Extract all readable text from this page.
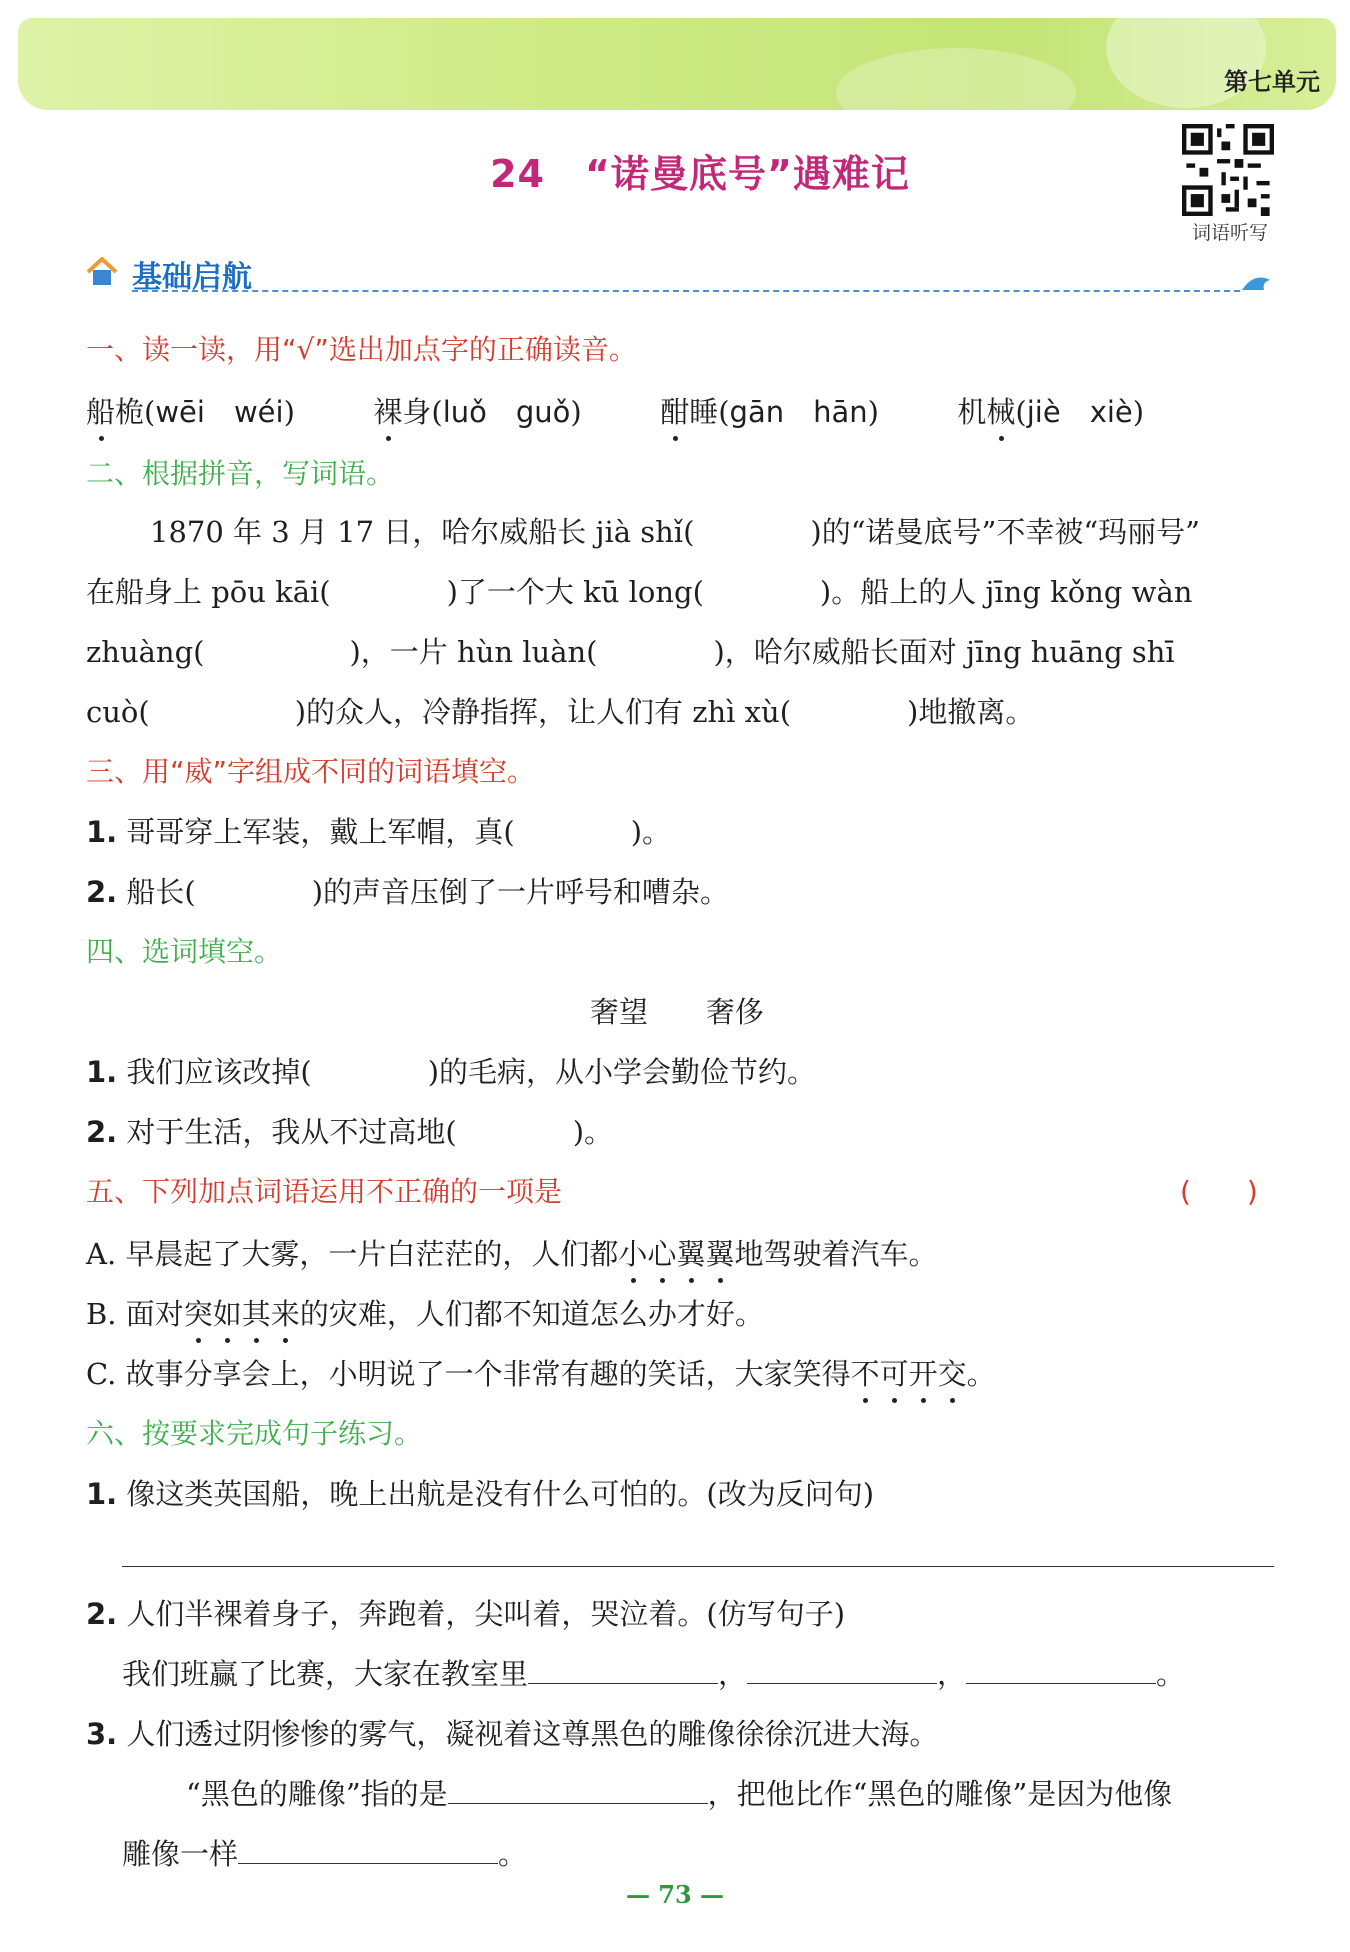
第七单元
24 “诺曼底号”遇难记
词语听写
基础启航
一、读一读，用“√”选出加点字的正确读音。
船桅(wēi　wéi)	裸身(luǒ　guǒ)	酣睡(gān　hān)	机械(jiè　xiè)
二、根据拼音，写词语。
1870 年 3 月 17 日，哈尔威船长 jià shǐ(　　　　)的“诺曼底号”不幸被“玛丽号”
在船身上 pōu kāi(　　　　)了一个大 kū long(　　　　)。船上的人 jīng kǒng wàn
zhuàng(　　　　　)，一片 hùn luàn(　　　　)，哈尔威船长面对 jīng huāng shī
cuò(　　　　　)的众人，冷静指挥，让人们有 zhì xù(　　　　)地撤离。
三、用“威”字组成不同的词语填空。
1. 哥哥穿上军装，戴上军帽，真(　　　　)。
2. 船长(　　　　)的声音压倒了一片呼号和嘈杂。
四、选词填空。
奢望　　奢侈
1. 我们应该改掉(　　　　)的毛病，从小学会勤俭节约。
2. 对于生活，我从不过高地(　　　　)。
五、下列加点词语运用不正确的一项是	(　　)
A. 早晨起了大雾，一片白茫茫的，人们都小心翼翼地驾驶着汽车。
B. 面对突如其来的灾难，人们都不知道怎么办才好。
C. 故事分享会上，小明说了一个非常有趣的笑话，大家笑得不可开交。
六、按要求完成句子练习。
1. 像这类英国船，晚上出航是没有什么可怕的。(改为反问句)
2. 人们半裸着身子，奔跑着，尖叫着，哭泣着。(仿写句子)
我们班赢了比赛，大家在教室里	，	，	。
3. 人们透过阴惨惨的雾气，凝视着这尊黑色的雕像徐徐沉进大海。
“黑色的雕像”指的是	，把他比作“黑色的雕像”是因为他像
雕像一样	。
— 73 —
